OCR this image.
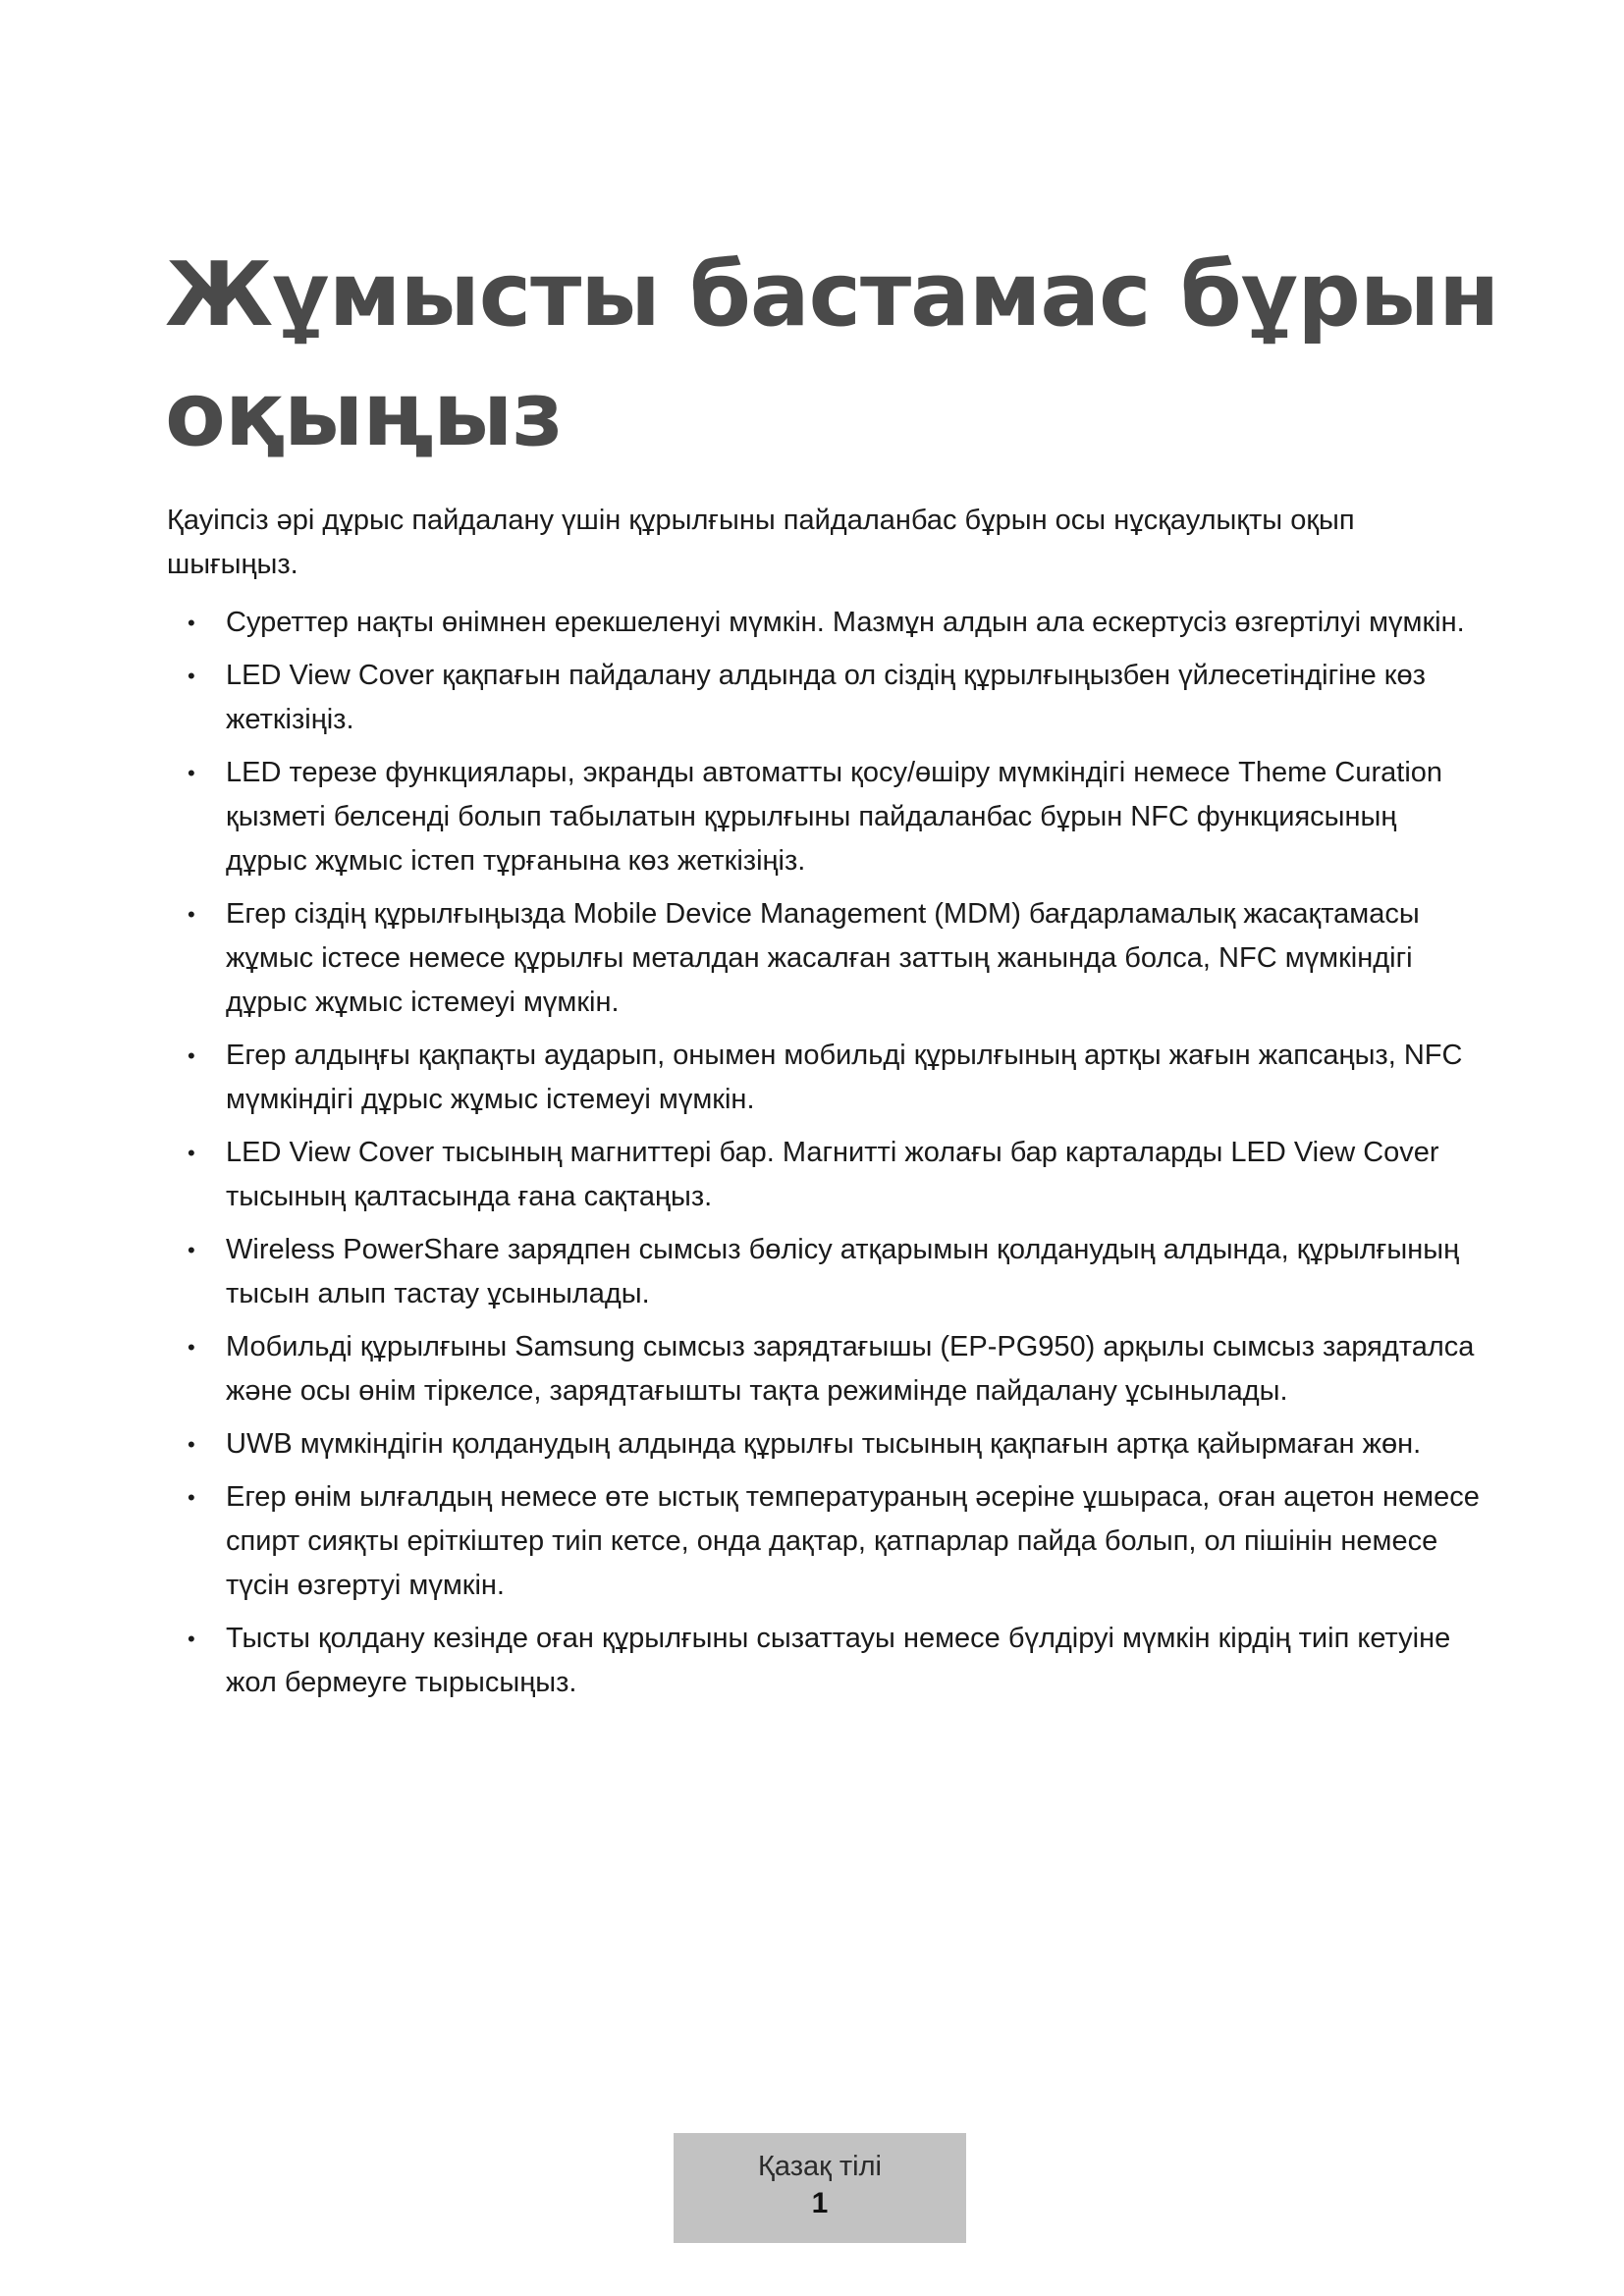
Жұмысты бастамас бұрын оқыңыз

Қауіпсіз әрі дұрыс пайдалану үшін құрылғыны пайдаланбас бұрын осы нұсқаулықты оқып шығыңыз.

• Суреттер нақты өнімнен ерекшеленуі мүмкін. Мазмұн алдын ала ескертусіз өзгертілуі мүмкін.
• LED View Cover қақпағын пайдалану алдында ол сіздің құрылғыңызбен үйлесетіндігіне көз жеткізіңіз.
• LED терезе функциялары, экранды автоматты қосу/өшіру мүмкіндігі немесе Theme Curation қызметі белсенді болып табылатын құрылғыны пайдаланбас бұрын NFC функциясының дұрыс жұмыс істеп тұрғанына көз жеткізіңіз.
• Егер сіздің құрылғыңызда Mobile Device Management (MDM) бағдарламалық жасақтамасы жұмыс істесе немесе құрылғы металдан жасалған заттың жанында болса, NFC мүмкіндігі дұрыс жұмыс істемеуі мүмкін.
• Егер алдыңғы қақпақты аударып, онымен мобильді құрылғының артқы жағын жапсаңыз, NFC мүмкіндігі дұрыс жұмыс істемеуі мүмкін.
• LED View Cover тысының магниттері бар. Магнитті жолағы бар карталарды LED View Cover тысының қалтасында ғана сақтаңыз.
• Wireless PowerShare зарядпен сымсыз бөлісу атқарымын қолданудың алдында, құрылғының тысын алып тастау ұсынылады.
• Мобильді құрылғыны Samsung сымсыз зарядтағышы (EP-PG950) арқылы сымсыз зарядталса және осы өнім тіркелсе, зарядтағышты тақта режимінде пайдалану ұсынылады.
• UWB мүмкіндігін қолданудың алдында құрылғы тысының қақпағын артқа қайырмаған жөн.
• Егер өнім ылғалдың немесе өте ыстық температураның әсеріне ұшыраса, оған ацетон немесе спирт сияқты еріткіштер тиіп кетсе, онда дақтар, қатпарлар пайда болып, ол пішінін немесе түсін өзгертуі мүмкін.
• Тысты қолдану кезінде оған құрылғыны сызаттауы немесе бүлдіруі мүмкін кірдің тиіп кетуіне жол бермеуге тырысыңыз.
Қазақ тілі
1
